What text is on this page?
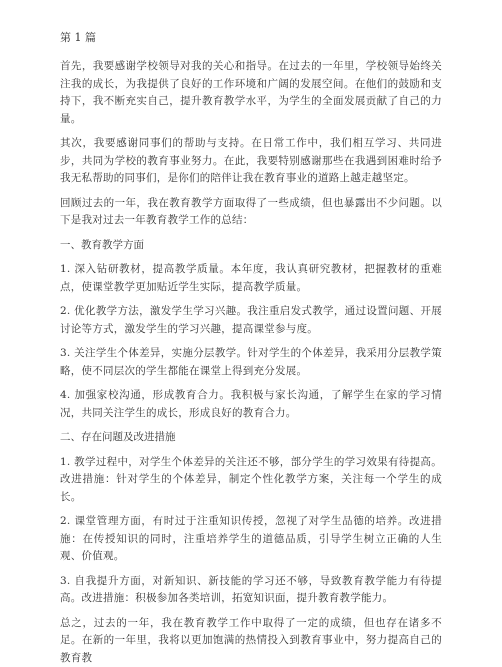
第 1 篇

首先，我要感谢学校领导对我的关心和指导。在过去的一年里，学校领导始终关注我的成长，为我提供了良好的工作环境和广阔的发展空间。在他们的鼓励和支持下，我不断充实自己，提升教育教学水平，为学生的全面发展贡献了自己的力量。

其次，我要感谢同事们的帮助与支持。在日常工作中，我们相互学习、共同进步，共同为学校的教育事业努力。在此，我要特别感谢那些在我遇到困难时给予我无私帮助的同事们，是你们的陪伴让我在教育事业的道路上越走越坚定。

回顾过去的一年，我在教育教学方面取得了一些成绩，但也暴露出不少问题。以下是我对过去一年教育教学工作的总结：

一、教育教学方面

1. 深入钻研教材，提高教学质量。本年度，我认真研究教材，把握教材的重难点，使课堂教学更加贴近学生实际，提高教学质量。

2. 优化教学方法，激发学生学习兴趣。我注重启发式教学，通过设置问题、开展讨论等方式，激发学生的学习兴趣，提高课堂参与度。

3. 关注学生个体差异，实施分层教学。针对学生的个体差异，我采用分层教学策略，使不同层次的学生都能在课堂上得到充分发展。

4. 加强家校沟通，形成教育合力。我积极与家长沟通，了解学生在家的学习情况，共同关注学生的成长，形成良好的教育合力。

二、存在问题及改进措施

1. 教学过程中，对学生个体差异的关注还不够，部分学生的学习效果有待提高。改进措施：针对学生的个体差异，制定个性化教学方案，关注每一个学生的成长。

2. 课堂管理方面，有时过于注重知识传授，忽视了对学生品德的培养。改进措施：在传授知识的同时，注重培养学生的道德品质，引导学生树立正确的人生观、价值观。

3. 自我提升方面，对新知识、新技能的学习还不够，导致教育教学能力有待提高。改进措施：积极参加各类培训，拓宽知识面，提升教育教学能力。

总之，过去的一年，我在教育教学工作中取得了一定的成绩，但也存在诸多不足。在新的一年里，我将以更加饱满的热情投入到教育事业中，努力提高自己的教育教
